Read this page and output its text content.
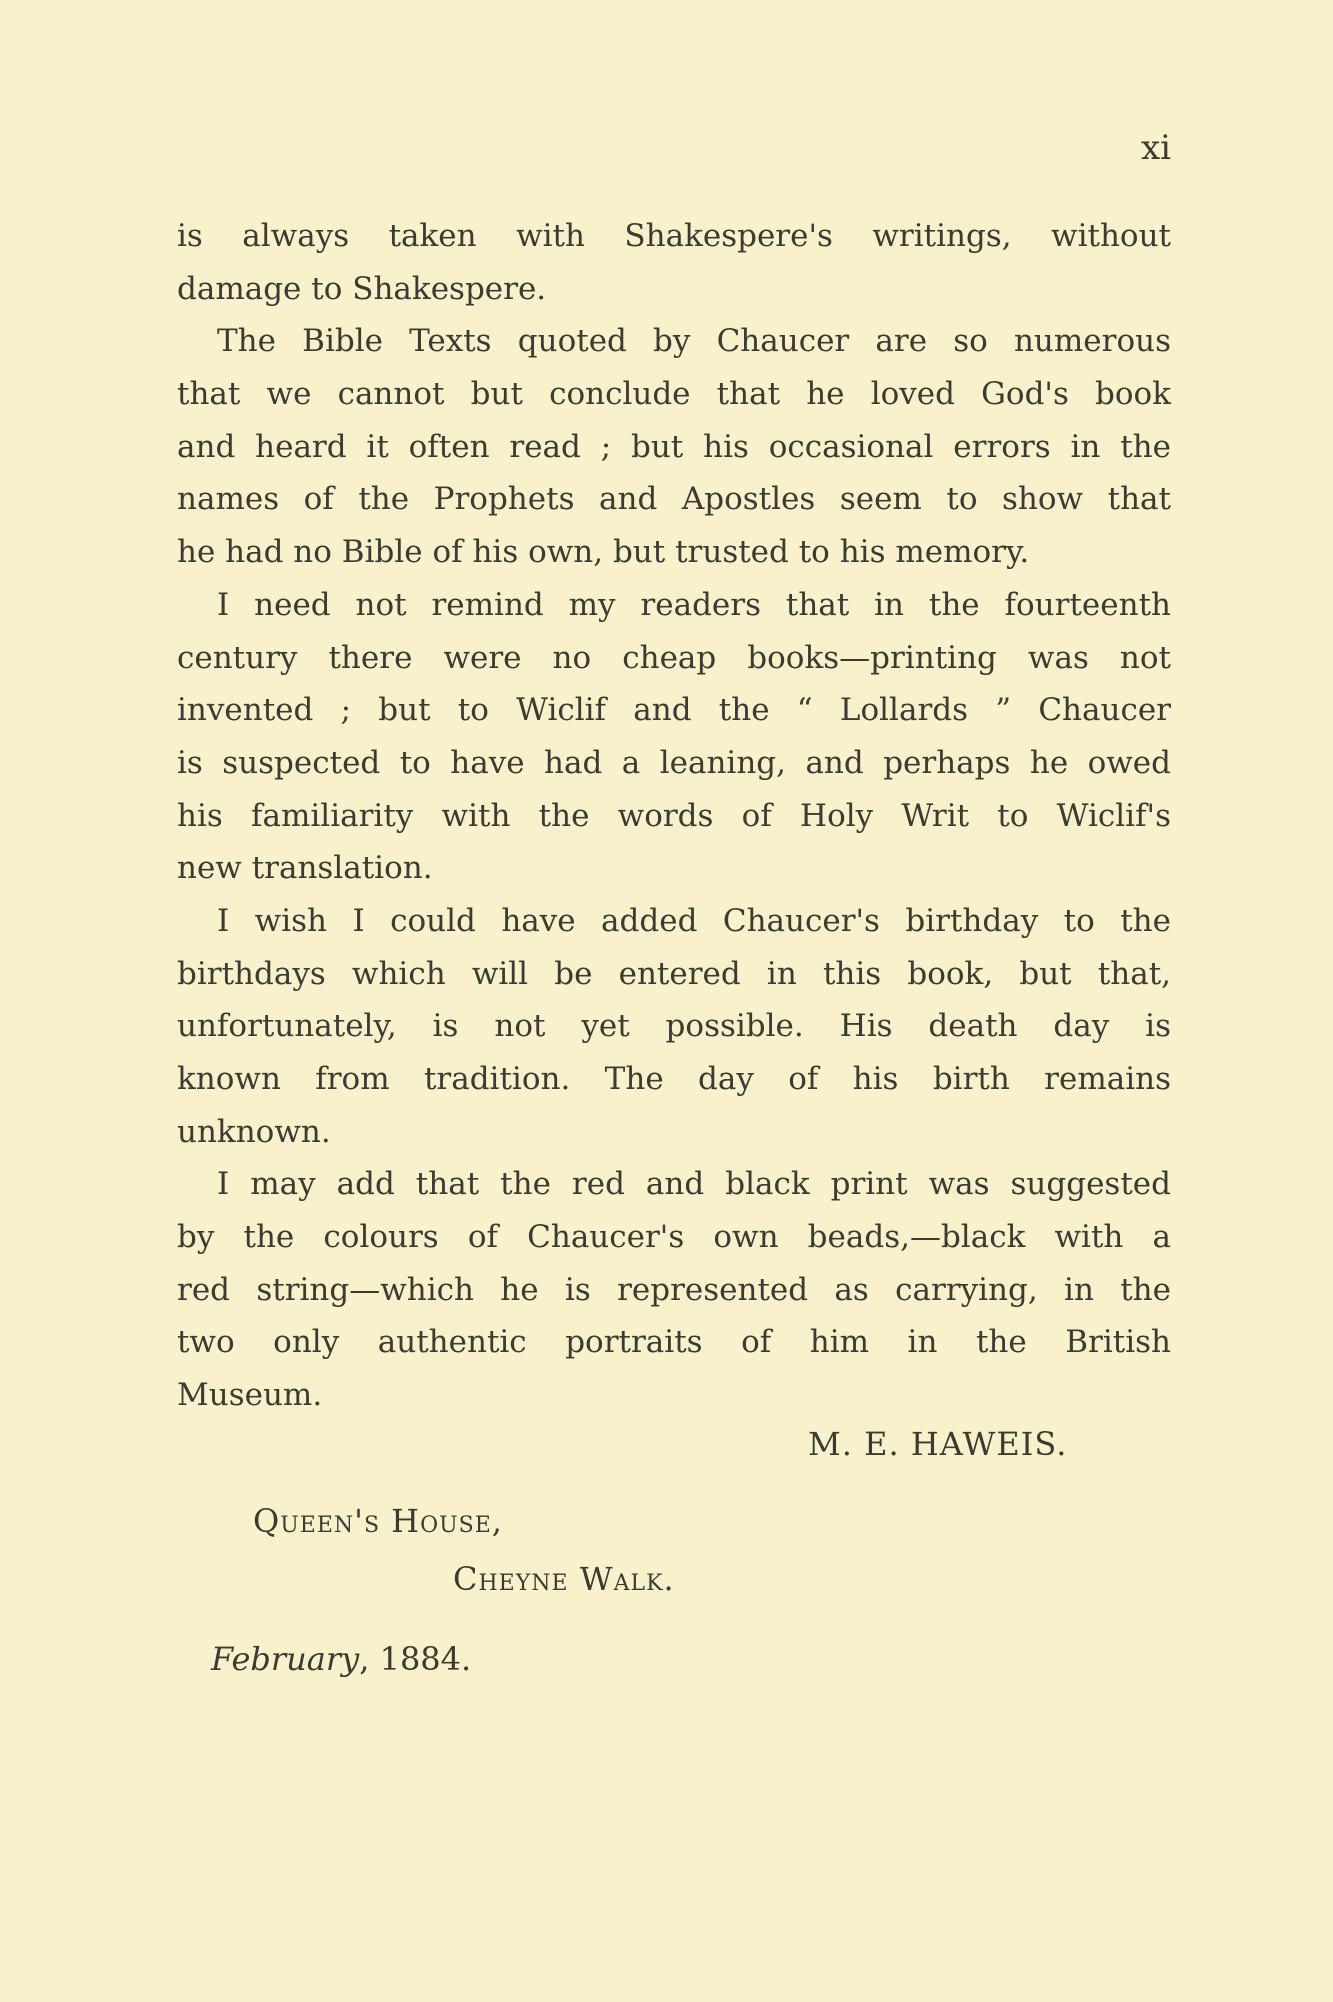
xi
is always taken with Shakespere's writings, without
damage to Shakespere.
The Bible Texts quoted by Chaucer are so numerous
that we cannot but conclude that he loved God's book
and heard it often read ; but his occasional errors in the
names of the Prophets and Apostles seem to show that
he had no Bible of his own, but trusted to his memory.
I need not remind my readers that in the fourteenth
century there were no cheap books—printing was not
invented ; but to Wiclif and the “ Lollards ” Chaucer
is suspected to have had a leaning, and perhaps he owed
his familiarity with the words of Holy Writ to Wiclif's
new translation.
I wish I could have added Chaucer's birthday to the
birthdays which will be entered in this book, but that,
unfortunately, is not yet possible. His death day is
known from tradition. The day of his birth remains
unknown.
I may add that the red and black print was suggested
by the colours of Chaucer's own beads,—black with a
red string—which he is represented as carrying, in the
two only authentic portraits of him in the British
Museum.
M. E. HAWEIS.
Queen's House,
Cheyne Walk.
February, 1884.
